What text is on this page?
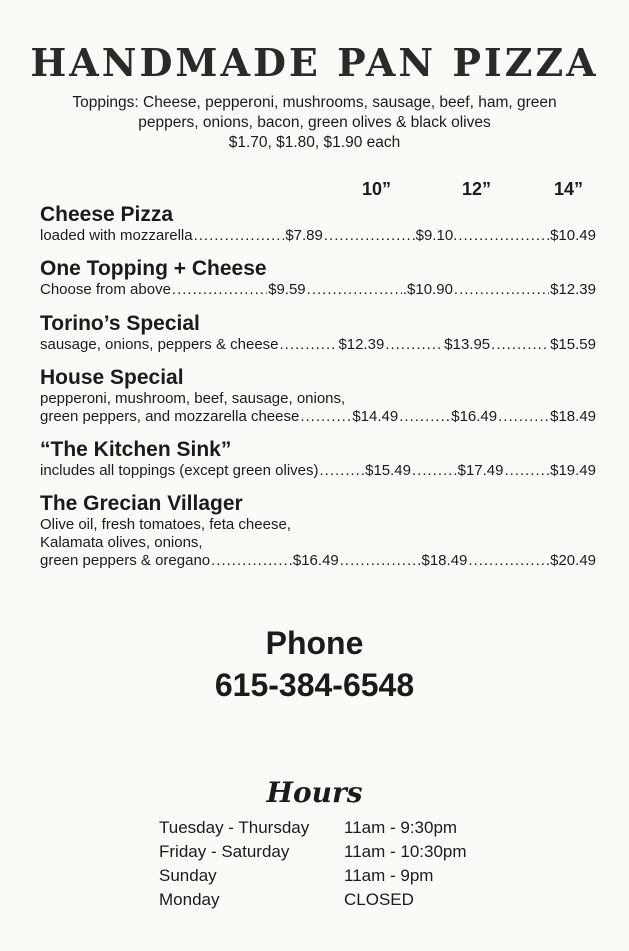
HANDMADE PAN PIZZA
Toppings: Cheese, pepperoni, mushrooms, sausage, beef, ham, green
peppers, onions, bacon, green olives & black olives
$1.70, $1.80, $1.90 each
10”	12”	14”
Cheese Pizza
loaded with mozzarella .....	$7.89 .....	$9.10. .....	$10.49
One Topping + Cheese
Choose from above .....	$9.59 .....	.$10.90 .....	$12.39
Torino’s Special
sausage, onions, peppers & cheese .....	$12.39 .....	$13.95 .....	$15.59
House Special
pepperoni, mushroom, beef, sausage, onions,
green peppers, and mozzarella cheese .....	$14.49 .....	$16.49 .....	$18.49
“The Kitchen Sink”
includes all toppings (except green olives) .....	$15.49 .....	$17.49 .....	$19.49
The Grecian Villager
Olive oil, fresh tomatoes, feta cheese,
Kalamata olives, onions,
green peppers & oregano .....	$16.49 .....	$18.49 .....	$20.49
Phone
615-384-6548
Hours
Tuesday - Thursday	11am - 9:30pm
Friday - Saturday	11am - 10:30pm
Sunday	11am - 9pm
Monday	CLOSED
